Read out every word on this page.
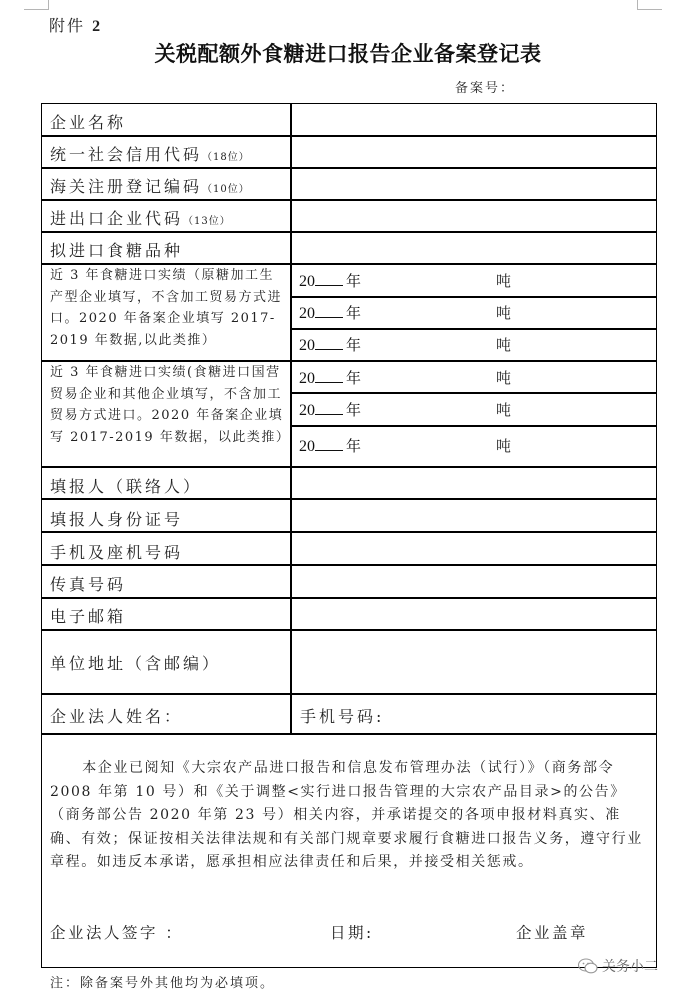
附件 2
关税配额外食糖进口报告企业备案登记表
备案号：
企业名称
统一社会信用代码（18位）
海关注册登记编码（10位）
进出口企业代码（13位）
拟进口食糖品种
近 3 年食糖进口实绩（原糖加工生产型企业填写，不含加工贸易方式进口。2020 年备案企业填写 2017-2019 年数据,以此类推）
20 年	吨
20 年	吨
20 年	吨
近 3 年食糖进口实绩(食糖进口国营贸易企业和其他企业填写，不含加工贸易方式进口。2020 年备案企业填写 2017-2019 年数据，以此类推）
20 年	吨
20 年	吨
20 年	吨
填报人（联络人）
填报人身份证号
手机及座机号码
传真号码
电子邮箱
单位地址（含邮编）
企业法人姓名：	手机号码:
本企业已阅知《大宗农产品进口报告和信息发布管理办法（试行）》（商务部令 2008 年第 10 号）和《关于调整<实行进口报告管理的大宗农产品目录>的公告》（商务部公告 2020 年第 23 号）相关内容，并承诺提交的各项申报材料真实、准确、有效；保证按相关法律法规和有关部门规章要求履行食糖进口报告义务，遵守行业章程。如违反本承诺，愿承担相应法律责任和后果，并接受相关惩戒。
企业法人签字 ：	日期:	企业盖章
注：除备案号外其他均为必填项。
关务小二
